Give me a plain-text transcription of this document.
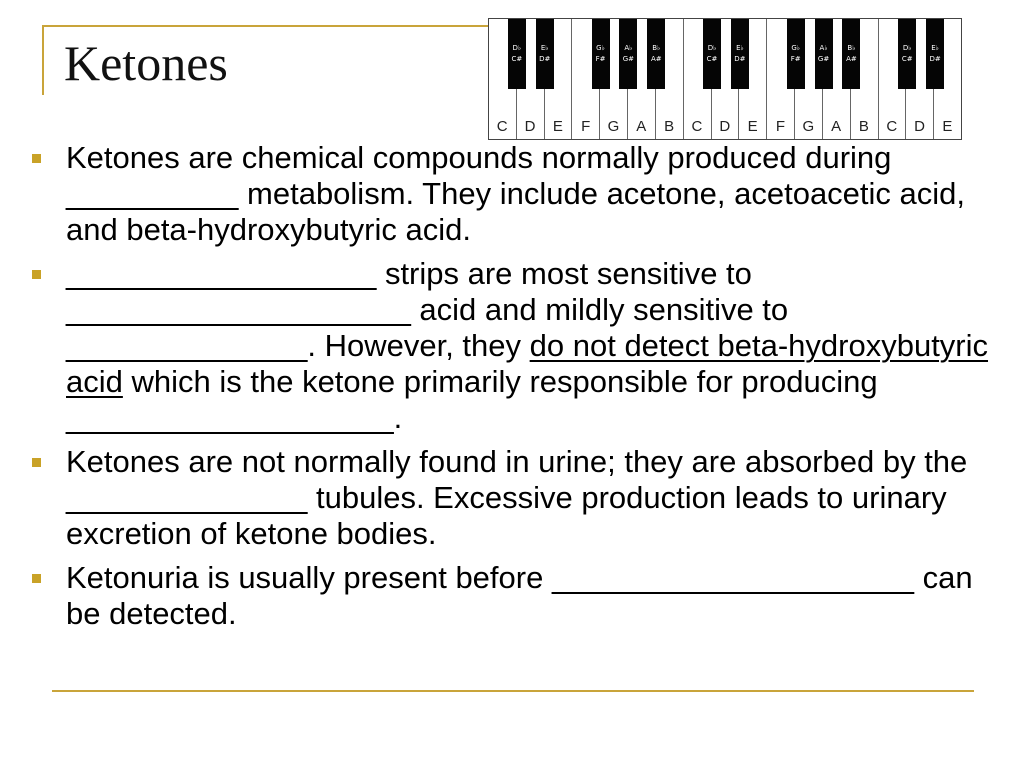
Ketones
C	D	E	F	G	A	B	C	D	E	F	G	A	B	C	D	E
D♭
C#
E♭
D#
G♭
F#
A♭
G#
B♭
A#
D♭
C#
E♭
D#
G♭
F#
A♭
G#
B♭
A#
D♭
C#
E♭
D#
Ketones are chemical compounds normally produced during __________ metabolism. They include acetone, acetoacetic acid, and beta-hydroxybutyric acid.
__________________ strips are most sensitive to ____________________ acid and mildly sensitive to ______________. However, they do not detect beta-hydroxybutyric acid which is the ketone primarily responsible for producing ___________________.
Ketones are not normally found in urine; they are absorbed by the ______________ tubules. Excessive production leads to urinary excretion of ketone bodies.
Ketonuria is usually present before _____________________ can be detected.
